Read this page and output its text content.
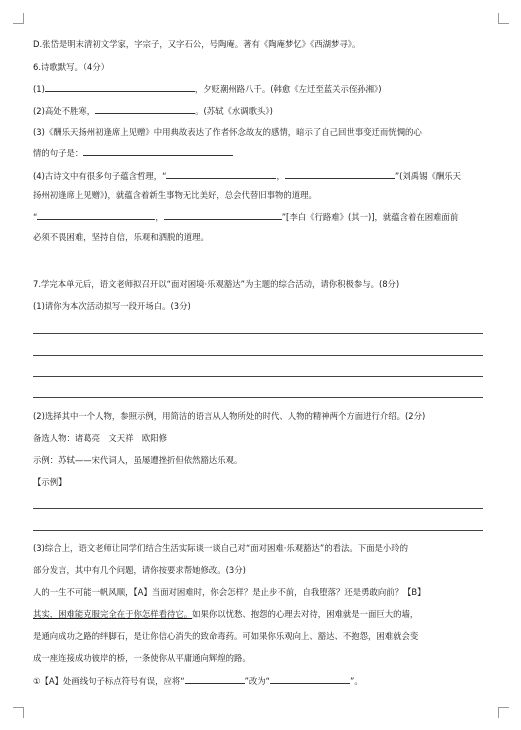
D.张岱是明末清初文学家，字宗子，又字石公，号陶庵。著有《陶庵梦忆》《西湖梦寻》。
6.诗歌默写。（4分）
(1)	，夕贬潮州路八千。(韩愈《左迁至蓝关示侄孙湘》)
(2)高处不胜寒，	。(苏轼《水调歌头》)
(3)《酬乐天扬州初逢席上见赠》中用典故表达了作者怀念故友的感情，暗示了自己回世事变迁而恍惆的心
情的句子是：
(4)古诗文中有很多句子蕴含哲理，“	，	”(刘禹锡《酬乐天
扬州初逢席上见赠》)，就蕴含着新生事物无比美好，总会代替旧事物的道理。
“	，	”[李白《行路难》(其一)]，就蕴含着在困难面前
必须不畏困难，坚持自信，乐观和洒脱的道理。
7.学完本单元后，语文老师拟召开以“面对困境·乐观豁达”为主题的综合活动，请你积极参与。(8分)
(1)请你为本次活动拟写一段开场白。(3分)
(2)选择其中一个人物，参照示例，用简洁的语言从人物所处的时代、人物的精神两个方面进行介绍。(2分)
备选人物：诸葛亮　文天祥　欧阳修
示例：苏轼——宋代词人，虽屡遭挫折但依然豁达乐观。
【示例】
(3)综合上，语文老师让同学们结合生活实际谈一谈自己对“面对困难·乐观豁达”的看法。下面是小玲的
部分发言，其中有几个问题，请你按要求帮她修改。(3分)
人的一生不可能一帆风顺，【A】当面对困难时，你会怎样？是止步不前，自我堕落？还是勇敢向前？【B】
其实，困难能克服完全在于你怎样看待它。如果你以忧愁、抱怨的心理去对待，困难就是一面巨大的墙，
是通向成功之路的绊脚石，是让你信心消失的致命毒药。可如果你乐观向上、豁达、不抱怨，困难就会变
成一座连接成功彼岸的桥，一条使你从平庸通向辉煌的路。
①【A】处画线句子标点符号有误，应将“	”改为“	”。
